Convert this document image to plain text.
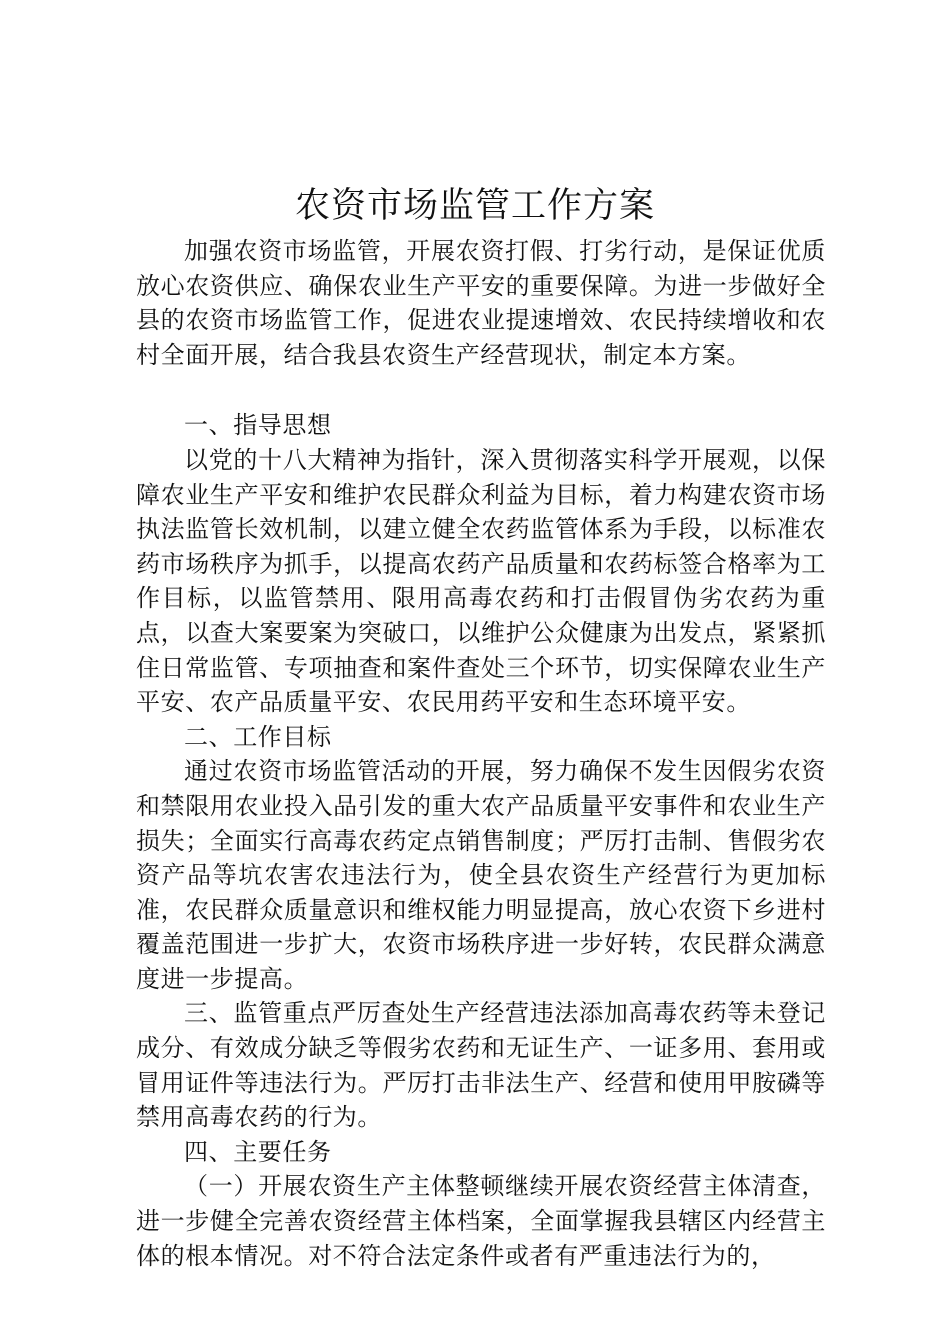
农资市场监管工作方案

加强农资市场监管，开展农资打假、打劣行动，是保证优质放心农资供应、确保农业生产平安的重要保障。为进一步做好全县的农资市场监管工作，促进农业提速增效、农民持续增收和农村全面开展，结合我县农资生产经营现状，制定本方案。

一、指导思想

以党的十八大精神为指针，深入贯彻落实科学开展观，以保障农业生产平安和维护农民群众利益为目标，着力构建农资市场执法监管长效机制，以建立健全农药监管体系为手段，以标准农药市场秩序为抓手，以提高农药产品质量和农药标签合格率为工作目标，以监管禁用、限用高毒农药和打击假冒伪劣农药为重点，以查大案要案为突破口，以维护公众健康为出发点，紧紧抓住日常监管、专项抽查和案件查处三个环节，切实保障农业生产平安、农产品质量平安、农民用药平安和生态环境平安。

二、工作目标

通过农资市场监管活动的开展，努力确保不发生因假劣农资和禁限用农业投入品引发的重大农产品质量平安事件和农业生产损失；全面实行高毒农药定点销售制度；严厉打击制、售假劣农资产品等坑农害农违法行为，使全县农资生产经营行为更加标准，农民群众质量意识和维权能力明显提高，放心农资下乡进村覆盖范围进一步扩大，农资市场秩序进一步好转，农民群众满意度进一步提高。

三、监管重点严厉查处生产经营违法添加高毒农药等未登记成分、有效成分缺乏等假劣农药和无证生产、一证多用、套用或冒用证件等违法行为。严厉打击非法生产、经营和使用甲胺磷等禁用高毒农药的行为。

四、主要任务

（一）开展农资生产主体整顿继续开展农资经营主体清查，进一步健全完善农资经营主体档案，全面掌握我县辖区内经营主体的根本情况。对不符合法定条件或者有严重违法行为的，
